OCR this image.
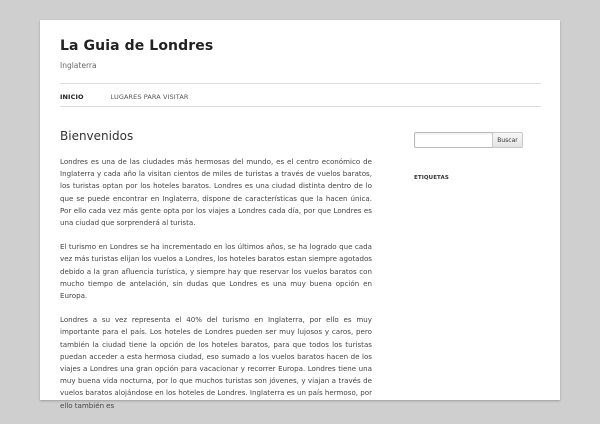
La Guia de Londres
Inglaterra
INICIO	LUGARES PARA VISITAR
Bienvenidos

Londres es una de las ciudades más hermosas del mundo, es el centro económico de Inglaterra y cada año la visitan cientos de miles de turistas a través de vuelos baratos, los turistas optan por los hoteles baratos. Londres es una ciudad distinta dentro de lo que se puede encontrar en Inglaterra, dispone de características que la hacen única. Por ello cada vez más gente opta por los viajes a Londres cada día, por que Londres es una ciudad que sorprenderá al turista.

El turismo en Londres se ha incrementado en los últimos años, se ha logrado que cada vez más turistas elijan los vuelos a Londres, los hoteles baratos estan siempre agotados debido a la gran afluencia turística, y siempre hay que reservar los vuelos baratos con mucho tiempo de antelación, sin dudas que Londres es una muy buena opción en Europa.

Londres a su vez representa el 40% del turismo en Inglaterra, por ello es muy importante para el país. Los hoteles de Londres pueden ser muy lujosos y caros, pero también la ciudad tiene la opción de los hoteles baratos, para que todos los turistas puedan acceder a esta hermosa ciudad, eso sumado a los vuelos baratos hacen de los viajes a Londres una gran opción para vacacionar y recorrer Europa. Londres tiene una muy buena vida nocturna, por lo que muchos turistas son jóvenes, y viajan a través de vuelos baratos alojándose en los hoteles de Londres. Inglaterra es un país hermoso, por ello también es

Buscar
ETIQUETAS
